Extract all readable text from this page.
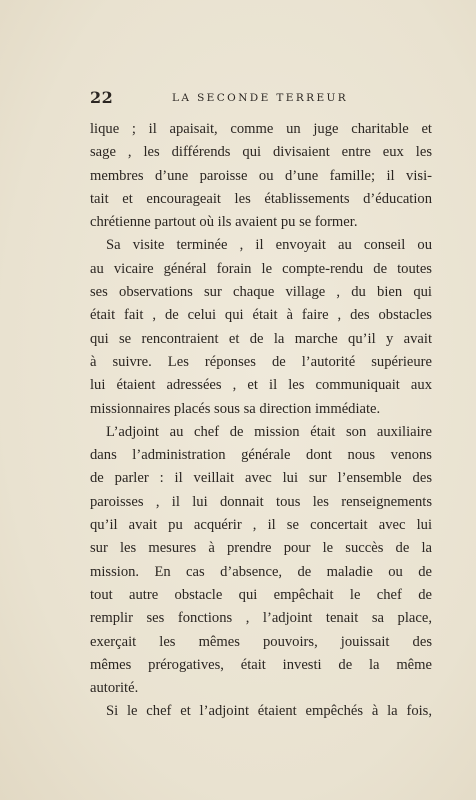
22	LA SECONDE TERREUR
lique ; il apaisait, comme un juge charitable et
sage , les différends qui divisaient entre eux les
membres d’une paroisse ou d’une famille; il visi-
tait et encourageait les établissements d’éducation
chrétienne partout où ils avaient pu se former.
Sa visite terminée , il envoyait au conseil ou
au vicaire général forain le compte-rendu de toutes
ses observations sur chaque village , du bien qui
était fait , de celui qui était à faire , des obstacles
qui se rencontraient et de la marche qu’il y avait
à suivre. Les réponses de l’autorité supérieure
lui étaient adressées , et il les communiquait aux
missionnaires placés sous sa direction immédiate.
L’adjoint au chef de mission était son auxiliaire
dans l’administration générale dont nous venons
de parler : il veillait avec lui sur l’ensemble des
paroisses , il lui donnait tous les renseignements
qu’il avait pu acquérir , il se concertait avec lui
sur les mesures à prendre pour le succès de la
mission. En cas d’absence, de maladie ou de
tout autre obstacle qui empêchait le chef de
remplir ses fonctions , l’adjoint tenait sa place,
exerçait les mêmes pouvoirs, jouissait des
mêmes prérogatives, était investi de la même
autorité.
Si le chef et l’adjoint étaient empêchés à la fois,
